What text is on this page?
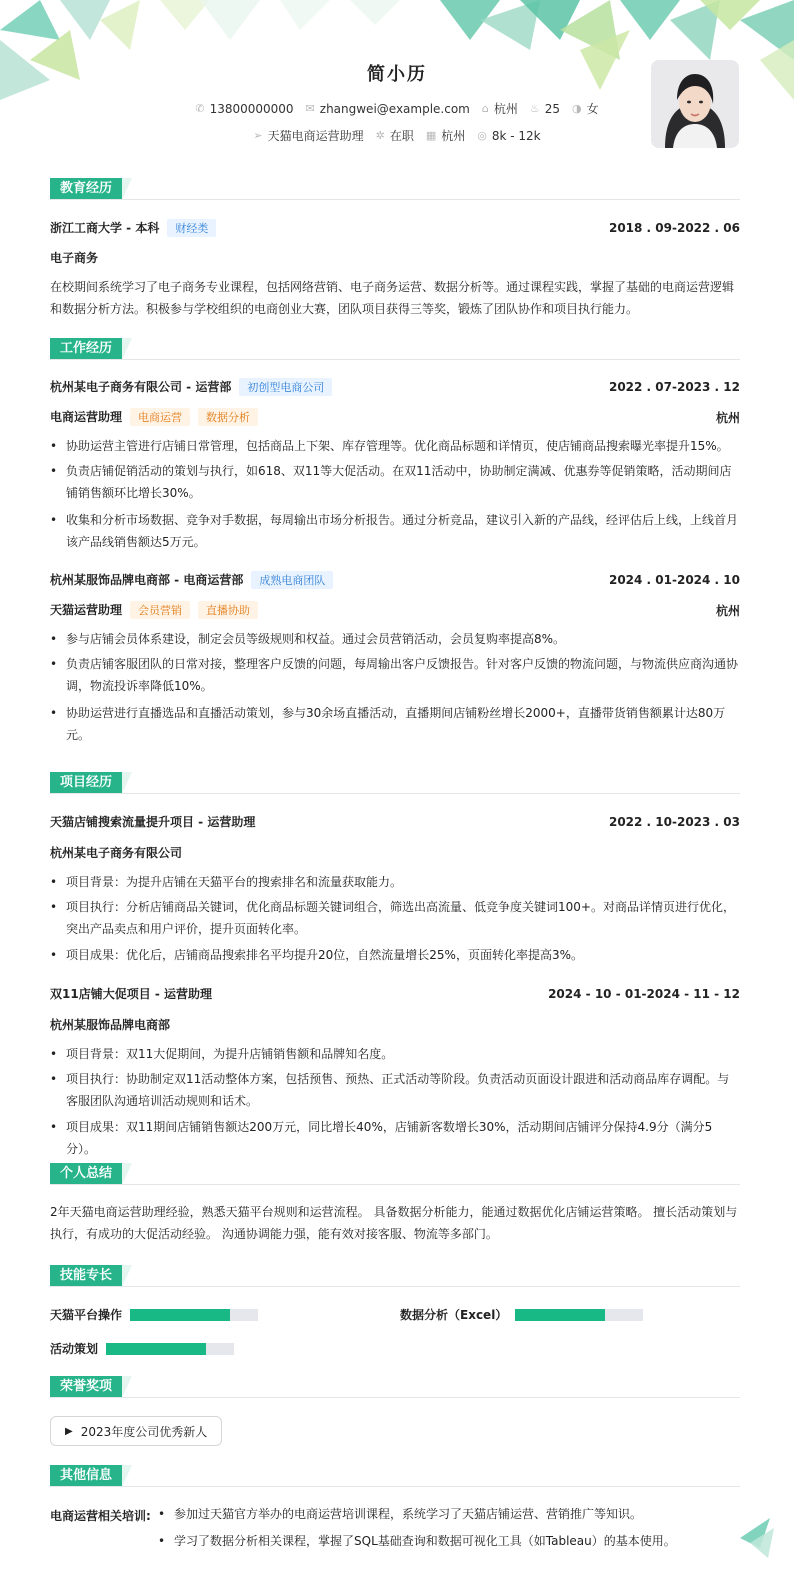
简小历
✆ 13800000000 ✉ zhangwei@example.com ⌂ 杭州 ♨ 25 ◑ 女
➢ 天猫电商运营助理 ✲ 在职 ▦ 杭州 ◎ 8k - 12k
教育经历
浙江工商大学 - 本科 财经类	2018 . 09-2022 . 06
电子商务
在校期间系统学习了电子商务专业课程，包括网络营销、电子商务运营、数据分析等。通过课程实践，掌握了基础的电商运营逻辑和数据分析方法。积极参与学校组织的电商创业大赛，团队项目获得三等奖，锻炼了团队协作和项目执行能力。
工作经历
杭州某电子商务有限公司 - 运营部 初创型电商公司	2022 . 07-2023 . 12
电商运营助理 电商运营 数据分析	杭州
• 协助运营主管进行店铺日常管理，包括商品上下架、库存管理等。优化商品标题和详情页，使店铺商品搜索曝光率提升15%。
• 负责店铺促销活动的策划与执行，如618、双11等大促活动。在双11活动中，协助制定满减、优惠券等促销策略，活动期间店铺销售额环比增长30%。
• 收集和分析市场数据、竞争对手数据，每周输出市场分析报告。通过分析竞品，建议引入新的产品线，经评估后上线，上线首月该产品线销售额达5万元。
杭州某服饰品牌电商部 - 电商运营部 成熟电商团队	2024 . 01-2024 . 10
天猫运营助理 会员营销 直播协助	杭州
• 参与店铺会员体系建设，制定会员等级规则和权益。通过会员营销活动，会员复购率提高8%。
• 负责店铺客服团队的日常对接，整理客户反馈的问题，每周输出客户反馈报告。针对客户反馈的物流问题，与物流供应商沟通协调，物流投诉率降低10%。
• 协助运营进行直播选品和直播活动策划，参与30余场直播活动，直播期间店铺粉丝增长2000+，直播带货销售额累计达80万元。
项目经历
天猫店铺搜索流量提升项目 - 运营助理	2022 . 10-2023 . 03
杭州某电子商务有限公司
• 项目背景：为提升店铺在天猫平台的搜索排名和流量获取能力。
• 项目执行：分析店铺商品关键词，优化商品标题关键词组合，筛选出高流量、低竞争度关键词100+。对商品详情页进行优化，突出产品卖点和用户评价，提升页面转化率。
• 项目成果：优化后，店铺商品搜索排名平均提升20位，自然流量增长25%，页面转化率提高3%。
双11店铺大促项目 - 运营助理	2024 - 10 - 01-2024 - 11 - 12
杭州某服饰品牌电商部
• 项目背景：双11大促期间，为提升店铺销售额和品牌知名度。
• 项目执行：协助制定双11活动整体方案，包括预售、预热、正式活动等阶段。负责活动页面设计跟进和活动商品库存调配。与客服团队沟通培训活动规则和话术。
• 项目成果：双11期间店铺销售额达200万元，同比增长40%，店铺新客数增长30%，活动期间店铺评分保持4.9分（满分5分）。
个人总结
2年天猫电商运营助理经验，熟悉天猫平台规则和运营流程。 具备数据分析能力，能通过数据优化店铺运营策略。 擅长活动策划与执行，有成功的大促活动经验。 沟通协调能力强，能有效对接客服、物流等多部门。
技能专长
天猫平台操作	数据分析（Excel）
活动策划
荣誉奖项
▶ 2023年度公司优秀新人
其他信息
电商运营相关培训:
•	参加过天猫官方举办的电商运营培训课程，系统学习了天猫店铺运营、营销推广等知识。
• 学习了数据分析相关课程，掌握了SQL基础查询和数据可视化工具（如Tableau）的基本使用。
